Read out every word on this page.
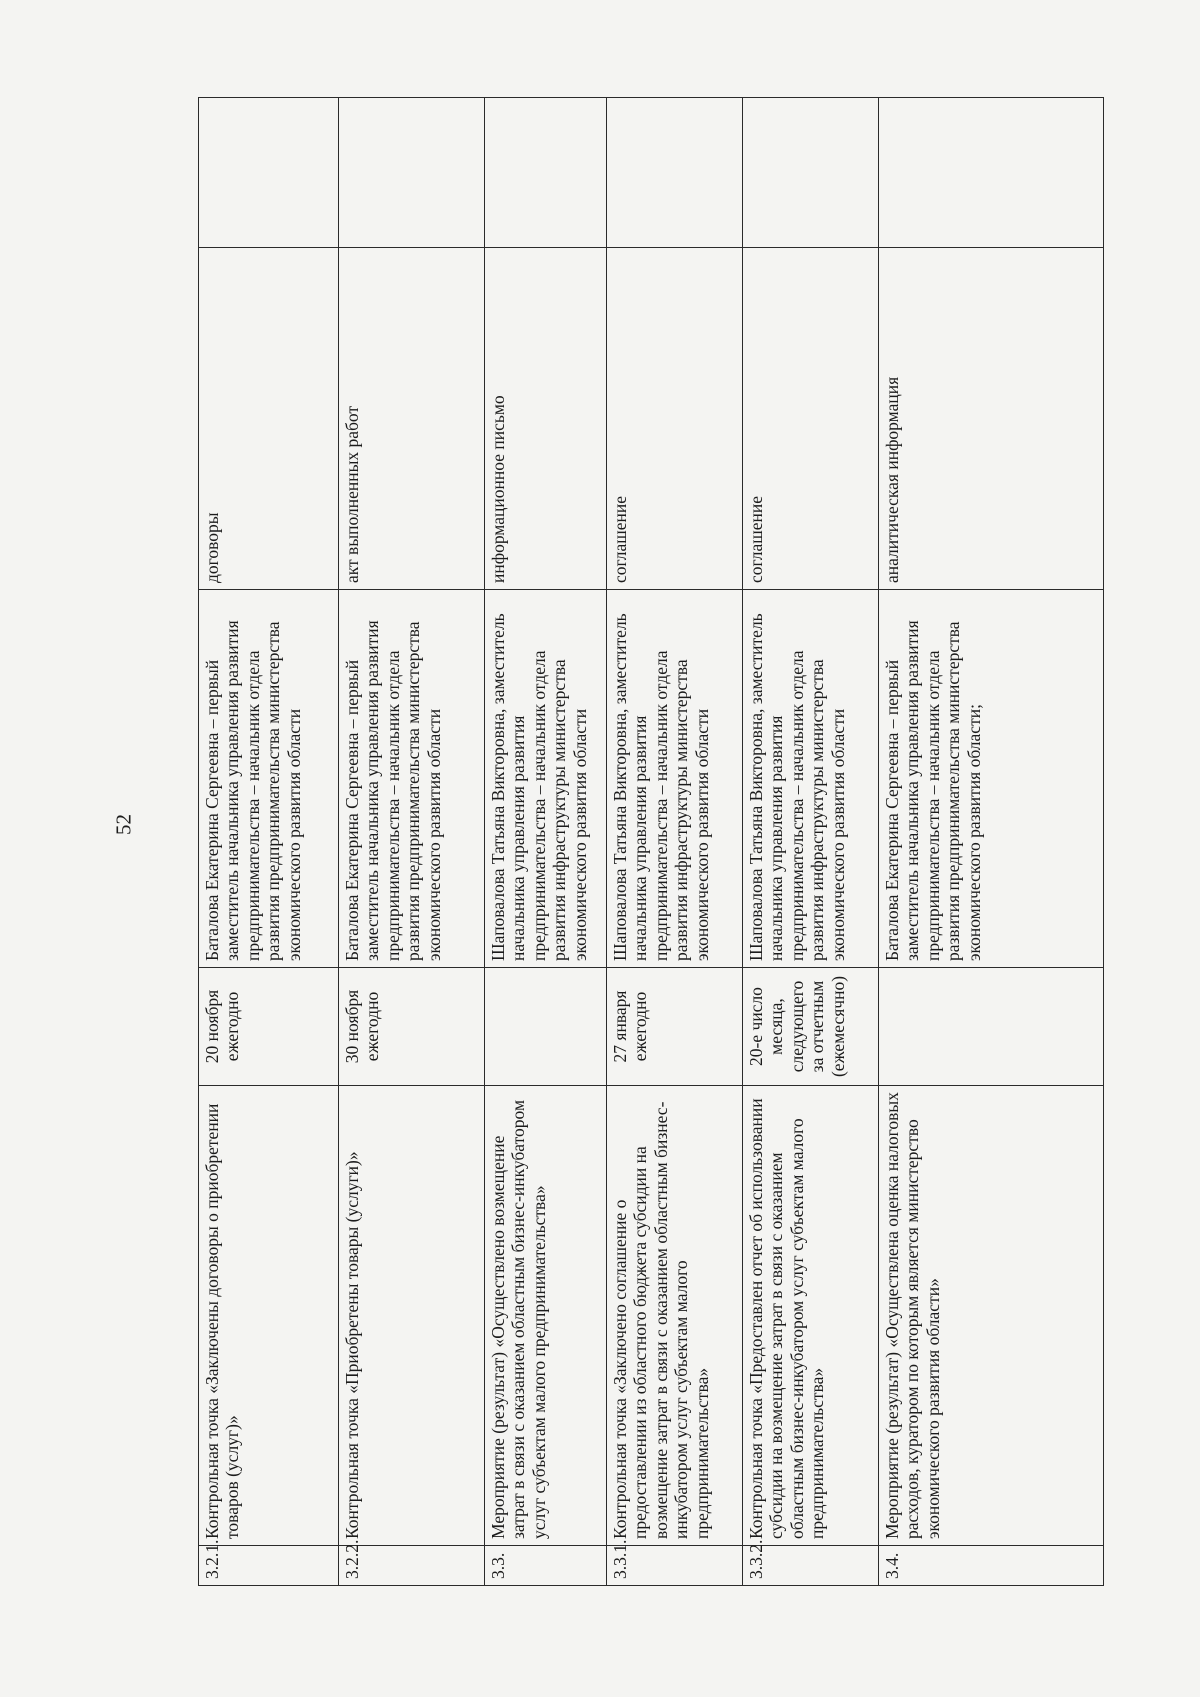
52
3.2.1.	Контрольная точка «Заключены договоры о приобретении товаров (услуг)»	20 ноября ежегодно	Баталова Екатерина Сергеевна – первый заместитель начальника управления развития предпринимательства – начальник отдела развития предпринимательства министерства экономического развития области	договоры	
3.2.2.	Контрольная точка «Приобретены товары (услуги)»	30 ноября ежегодно	Баталова Екатерина Сергеевна – первый заместитель начальника управления развития предпринимательства – начальник отдела развития предпринимательства министерства экономического развития области	акт выполненных работ	
3.3.	Мероприятие (результат) «Осуществлено возмещение затрат в связи с оказанием областным бизнес-инкубатором услуг субъектам малого предпринимательства»		Шаповалова Татьяна Викторовна, заместитель начальника управления развития предпринимательства – начальник отдела развития инфраструктуры министерства экономического развития области	информационное письмо	
3.3.1.	Контрольная точка «Заключено соглашение о предоставлении из областного бюджета субсидии на возмещение затрат в связи с оказанием областным бизнес-инкубатором услуг субъектам малого предпринимательства»	27 января ежегодно	Шаповалова Татьяна Викторовна, заместитель начальника управления развития предпринимательства – начальник отдела развития инфраструктуры министерства экономического развития области	соглашение	
3.3.2.	Контрольная точка «Предоставлен отчет об использовании субсидии на возмещение затрат в связи с оказанием областным бизнес-инкубатором услуг субъектам малого предпринимательства»	20-е число месяца, следующего за отчетным (ежемесячно)	Шаповалова Татьяна Викторовна, заместитель начальника управления развития предпринимательства – начальник отдела развития инфраструктуры министерства экономического развития области	соглашение	
3.4.	Мероприятие (результат) «Осуществлена оценка налоговых расходов, куратором по которым является министерство экономического развития области»		Баталова Екатерина Сергеевна – первый заместитель начальника управления развития предпринимательства – начальник отдела развития предпринимательства министерства экономического развития области;	аналитическая информация	
